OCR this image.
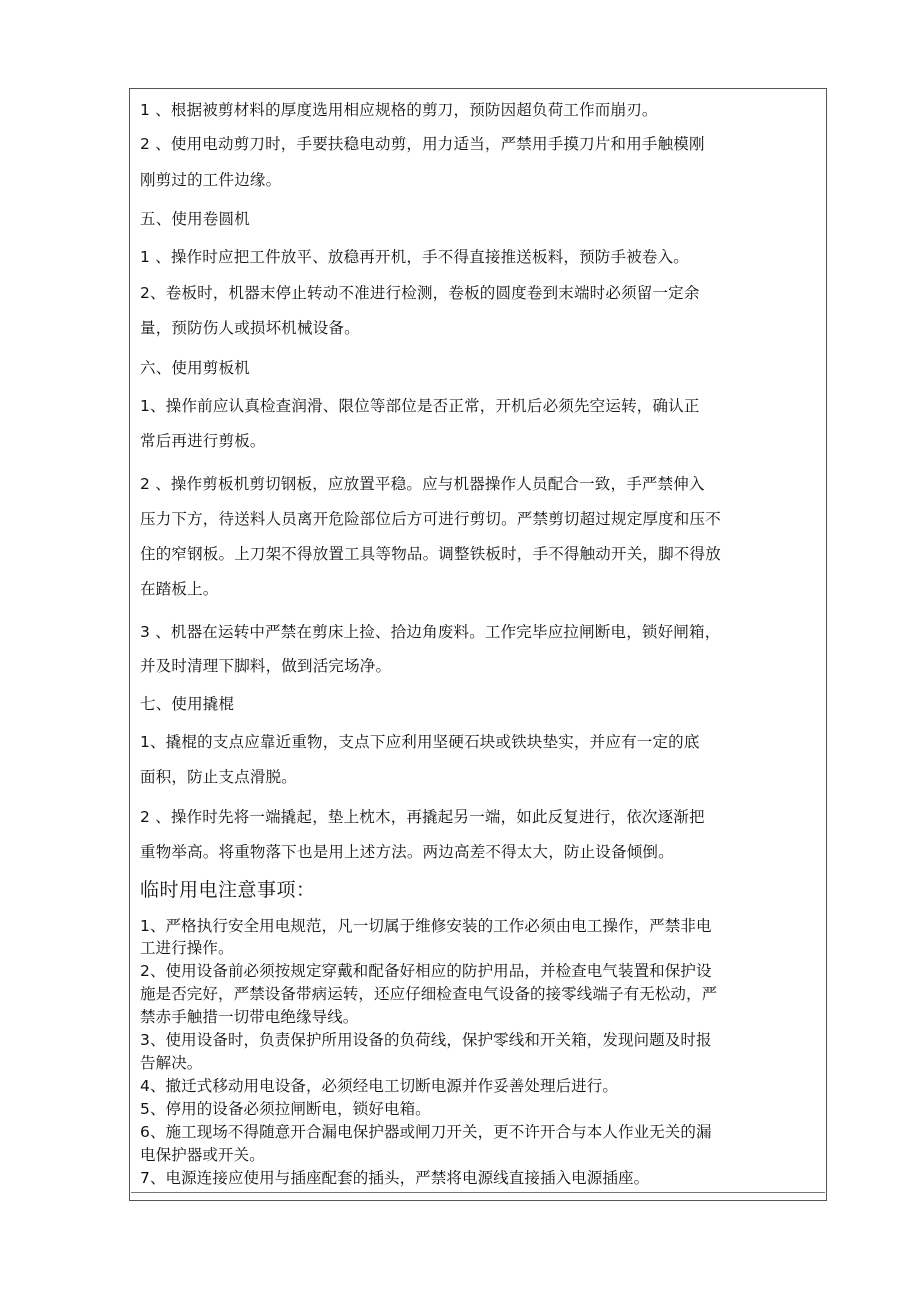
1 、根据被剪材料的厚度选用相应规格的剪刀，预防因超负荷工作而崩刃。
2 、使用电动剪刀时，手要扶稳电动剪，用力适当，严禁用手摸刀片和用手触模刚
刚剪过的工件边缘。
五、使用卷圆机
1 、操作时应把工件放平、放稳再开机，手不得直接推送板料，预防手被卷入。
2、卷板时，机器末停止转动不准进行检测，卷板的圆度卷到末端时必须留一定余
量，预防伤人或损坏机械设备。
六、使用剪板机
1、操作前应认真检查润滑、限位等部位是否正常，开机后必须先空运转，确认正
常后再进行剪板。
2 、操作剪板机剪切钢板，应放置平稳。应与机器操作人员配合一致，手严禁伸入
压力下方，待送料人员离开危险部位后方可进行剪切。严禁剪切超过规定厚度和压不
住的窄钢板。上刀架不得放置工具等物品。调整铁板时，手不得触动开关，脚不得放
在踏板上。
3 、机器在运转中严禁在剪床上捡、拾边角废料。工作完毕应拉闸断电，锁好闸箱，
并及时清理下脚料，做到活完场净。
七、使用撬棍
1、撬棍的支点应靠近重物，支点下应利用坚硬石块或铁块垫实，并应有一定的底
面积，防止支点滑脱。
2 、操作时先将一端撬起，垫上枕木，再撬起另一端，如此反复进行，依次逐渐把
重物举高。将重物落下也是用上述方法。两边高差不得太大，防止设备倾倒。
临时用电注意事项：
1、严格执行安全用电规范，凡一切属于维修安装的工作必须由电工操作，严禁非电
工进行操作。
2、使用设备前必须按规定穿戴和配备好相应的防护用品，并检查电气装置和保护设
施是否完好，严禁设备带病运转，还应仔细检查电气设备的接零线端子有无松动，严
禁赤手触措一切带电绝缘导线。
3、使用设备时，负责保护所用设备的负荷线，保护零线和开关箱，发现问题及时报
告解决。
4、撤迁式移动用电设备，必须经电工切断电源并作妥善处理后进行。
5、停用的设备必须拉闸断电，锁好电箱。
6、施工现场不得随意开合漏电保护器或闸刀开关，更不许开合与本人作业无关的漏
电保护器或开关。
7、电源连接应使用与插座配套的插头，严禁将电源线直接插入电源插座。
